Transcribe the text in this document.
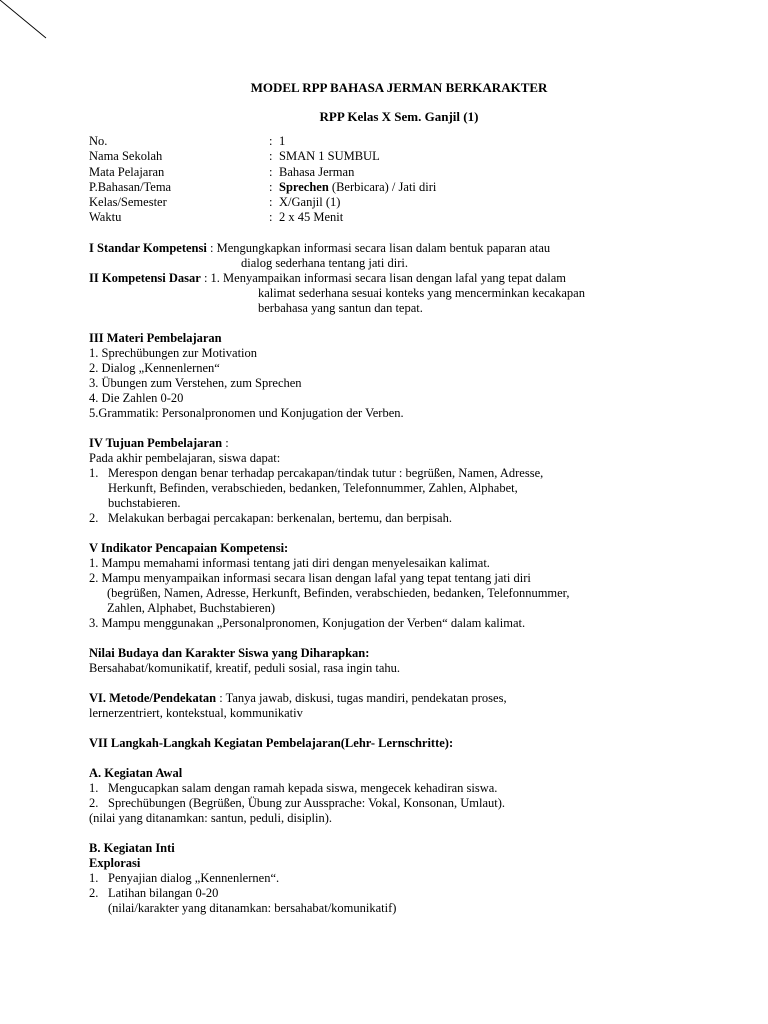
MODEL RPP BAHASA JERMAN BERKARAKTER
RPP Kelas X Sem. Ganjil (1)
No.	: 1
Nama Sekolah	: SMAN 1 SUMBUL
Mata Pelajaran	: Bahasa Jerman
P.Bahasan/Tema	: Sprechen (Berbicara) / Jati diri
Kelas/Semester	: X/Ganjil (1)
Waktu	: 2 x 45 Menit
I Standar Kompetensi : Mengungkapkan informasi secara lisan dalam bentuk paparan atau
dialog sederhana tentang jati diri.
II Kompetensi Dasar : 1. Menyampaikan informasi secara lisan dengan lafal yang tepat dalam
kalimat sederhana sesuai konteks yang mencerminkan kecakapan
berbahasa yang santun dan tepat.
III Materi Pembelajaran
1. Sprechübungen zur Motivation
2. Dialog „Kennenlernen“
3. Übungen zum Verstehen, zum Sprechen
4. Die Zahlen 0-20
5.Grammatik: Personalpronomen und Konjugation der Verben.
IV Tujuan Pembelajaran :
Pada akhir pembelajaran, siswa dapat:
1. Merespon dengan benar terhadap percakapan/tindak tutur : begrüßen, Namen, Adresse,
Herkunft, Befinden, verabschieden, bedanken, Telefonnummer, Zahlen, Alphabet,
buchstabieren.
2. Melakukan berbagai percakapan: berkenalan, bertemu, dan berpisah.
V Indikator Pencapaian Kompetensi:
1. Mampu memahami informasi tentang jati diri dengan menyelesaikan kalimat.
2. Mampu menyampaikan informasi secara lisan dengan lafal yang tepat tentang jati diri
(begrüßen, Namen, Adresse, Herkunft, Befinden, verabschieden, bedanken, Telefonnummer,
Zahlen, Alphabet, Buchstabieren)
3. Mampu menggunakan „Personalpronomen, Konjugation der Verben“ dalam kalimat.
Nilai Budaya dan Karakter Siswa yang Diharapkan:
Bersahabat/komunikatif, kreatif, peduli sosial, rasa ingin tahu.
VI. Metode/Pendekatan : Tanya jawab, diskusi, tugas mandiri, pendekatan proses,
lernerzentriert, kontekstual, kommunikativ
VII Langkah-Langkah Kegiatan Pembelajaran(Lehr- Lernschritte):
A. Kegiatan Awal
1. Mengucapkan salam dengan ramah kepada siswa, mengecek kehadiran siswa.
2. Sprechübungen (Begrüßen, Übung zur Aussprache: Vokal, Konsonan, Umlaut).
(nilai yang ditanamkan: santun, peduli, disiplin).
B. Kegiatan Inti
Explorasi
1. Penyajian dialog „Kennenlernen“.
2. Latihan bilangan 0-20
(nilai/karakter yang ditanamkan: bersahabat/komunikatif)
